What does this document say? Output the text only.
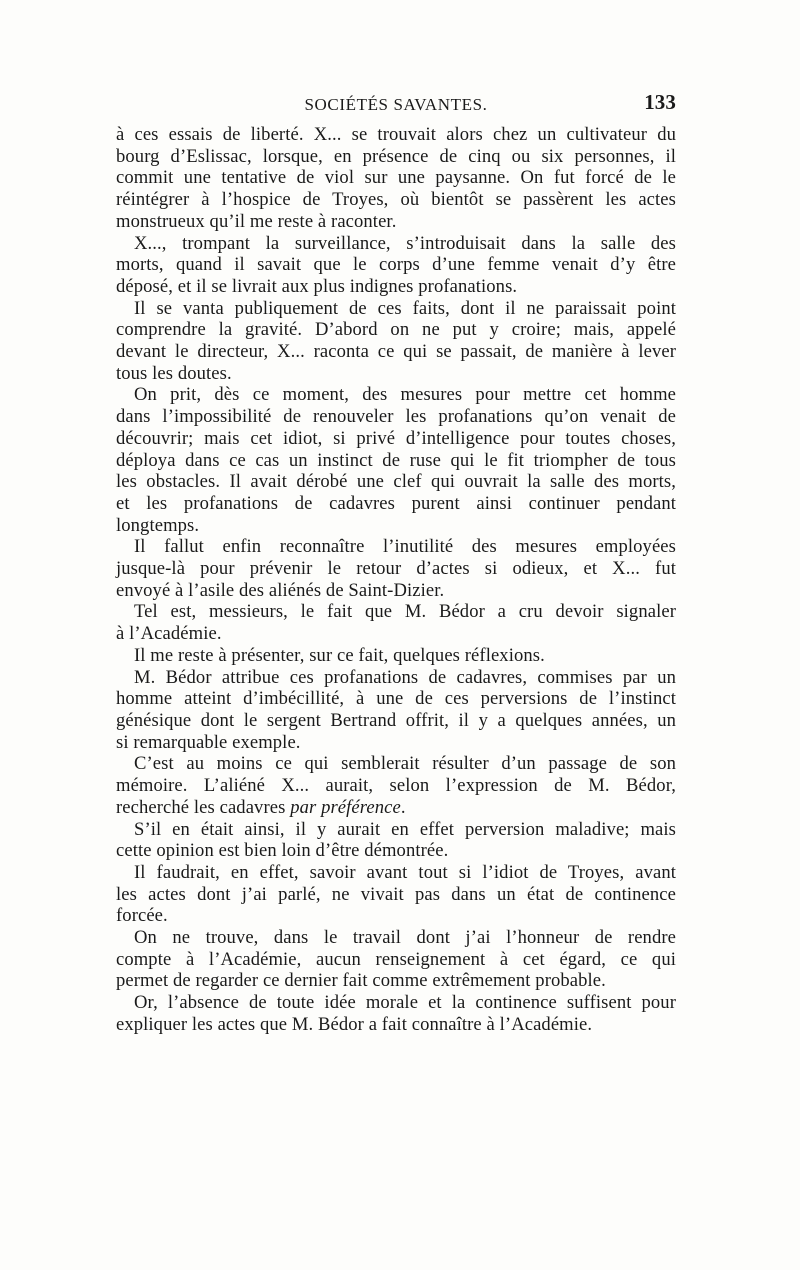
SOCIÉTÉS SAVANTES.	133

à ces essais de liberté. X... se trouvait alors chez un cultivateur du
bourg d’Eslissac, lorsque, en présence de cinq ou six personnes, il
commit une tentative de viol sur une paysanne. On fut forcé de le
réintégrer à l’hospice de Troyes, où bientôt se passèrent les actes
monstrueux qu’il me reste à raconter.

X..., trompant la surveillance, s’introduisait dans la salle des
morts, quand il savait que le corps d’une femme venait d’y être
déposé, et il se livrait aux plus indignes profanations.

Il se vanta publiquement de ces faits, dont il ne paraissait point
comprendre la gravité. D’abord on ne put y croire; mais, appelé
devant le directeur, X... raconta ce qui se passait, de manière à lever
tous les doutes.

On prit, dès ce moment, des mesures pour mettre cet homme
dans l’impossibilité de renouveler les profanations qu’on venait de
découvrir; mais cet idiot, si privé d’intelligence pour toutes choses,
déploya dans ce cas un instinct de ruse qui le fit triompher de tous
les obstacles. Il avait dérobé une clef qui ouvrait la salle des morts,
et les profanations de cadavres purent ainsi continuer pendant
longtemps.

Il fallut enfin reconnaître l’inutilité des mesures employées
jusque-là pour prévenir le retour d’actes si odieux, et X... fut
envoyé à l’asile des aliénés de Saint-Dizier.

Tel est, messieurs, le fait que M. Bédor a cru devoir signaler
à l’Académie.

Il me reste à présenter, sur ce fait, quelques réflexions.

M. Bédor attribue ces profanations de cadavres, commises par un
homme atteint d’imbécillité, à une de ces perversions de l’instinct
génésique dont le sergent Bertrand offrit, il y a quelques années, un
si remarquable exemple.

C’est au moins ce qui semblerait résulter d’un passage de son
mémoire. L’aliéné X... aurait, selon l’expression de M. Bédor,
recherché les cadavres par préférence.

S’il en était ainsi, il y aurait en effet perversion maladive; mais
cette opinion est bien loin d’être démontrée.

Il faudrait, en effet, savoir avant tout si l’idiot de Troyes, avant
les actes dont j’ai parlé, ne vivait pas dans un état de continence
forcée.

On ne trouve, dans le travail dont j’ai l’honneur de rendre
compte à l’Académie, aucun renseignement à cet égard, ce qui
permet de regarder ce dernier fait comme extrêmement probable.

Or, l’absence de toute idée morale et la continence suffisent pour
expliquer les actes que M. Bédor a fait connaître à l’Académie.
